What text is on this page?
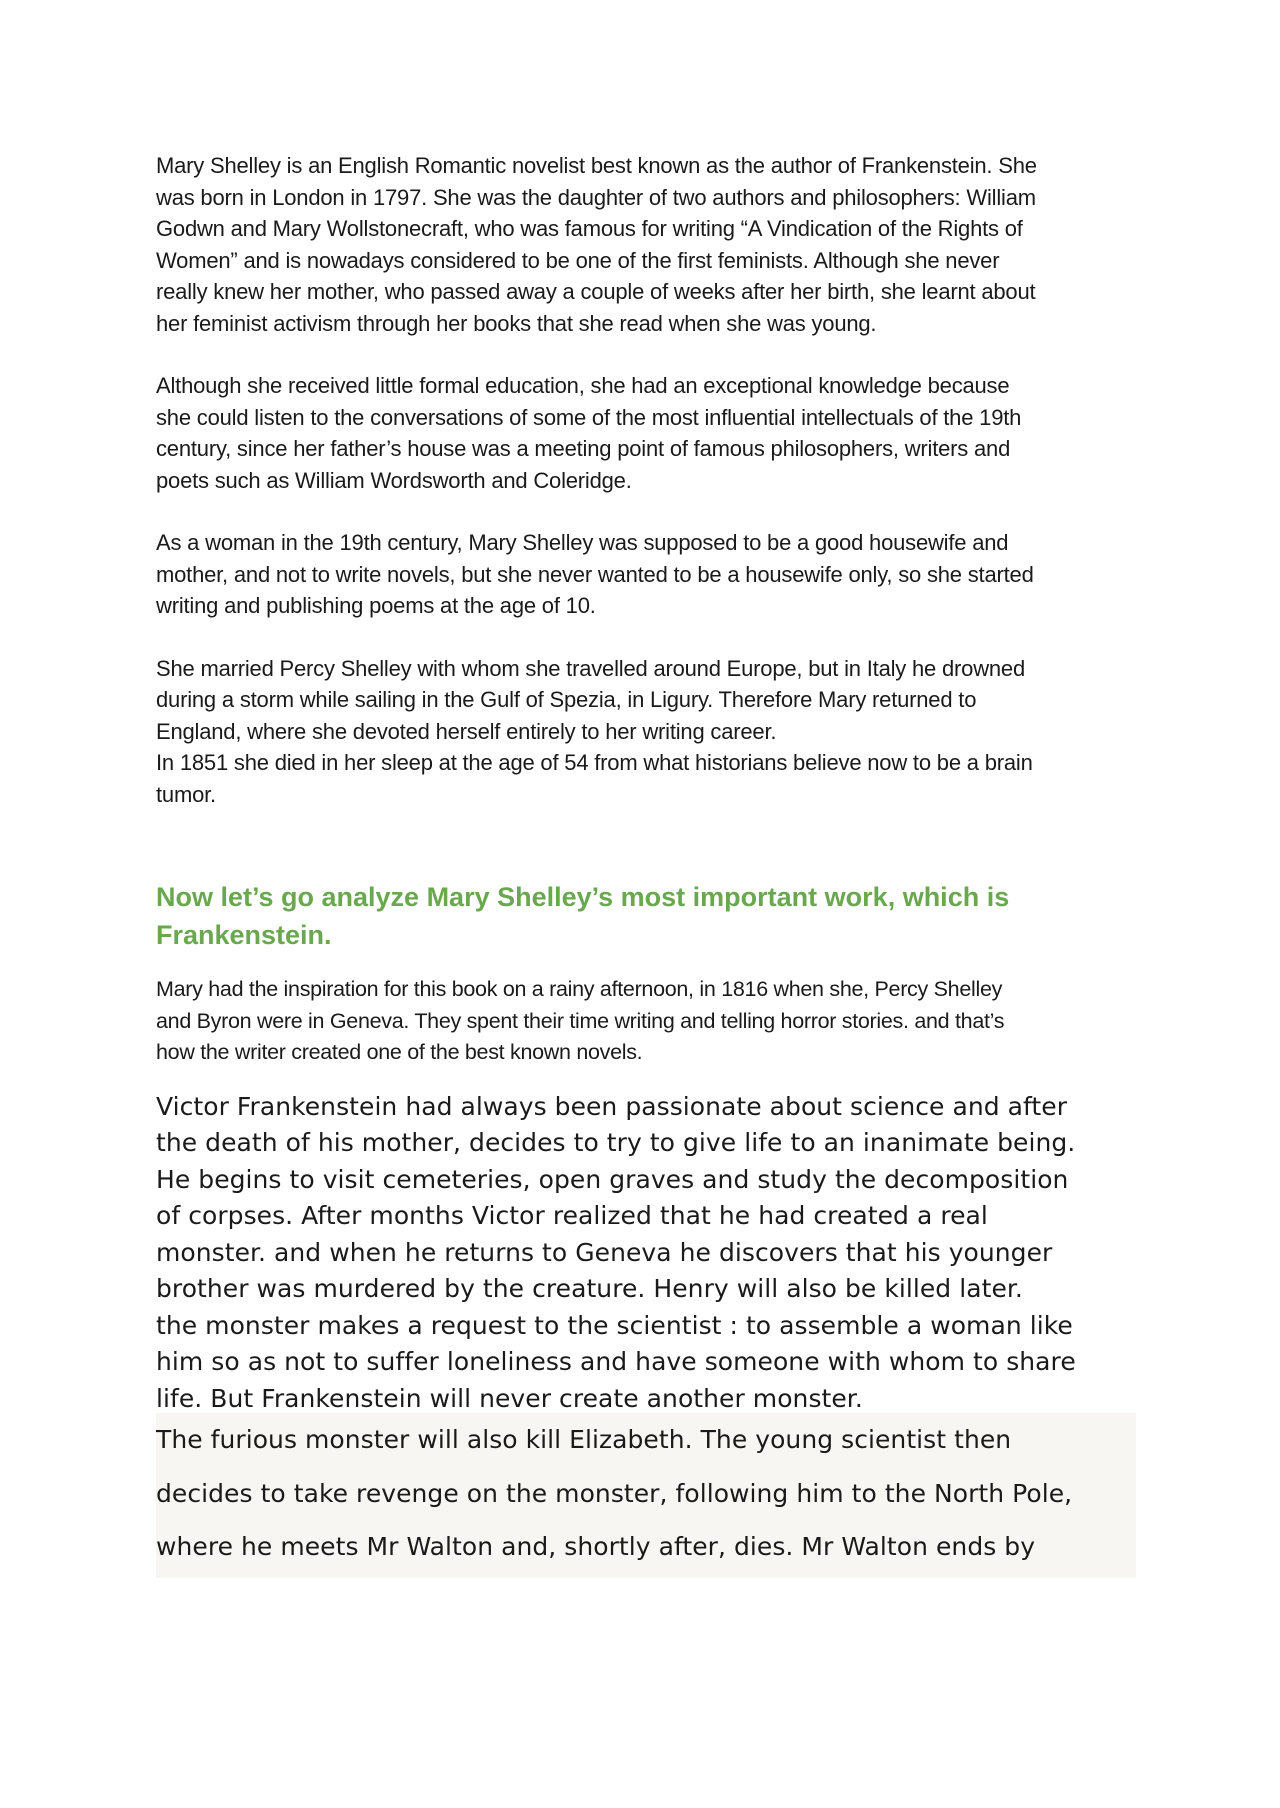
Mary Shelley is an English Romantic novelist best known as the author of Frankenstein. She
was born in London in 1797. She was the daughter of two authors and philosophers: William
Godwn and Mary Wollstonecraft, who was famous for writing “A Vindication of the Rights of
Women” and is nowadays considered to be one of the first feminists. Although she never
really knew her mother, who passed away a couple of weeks after her birth, she learnt about
her feminist activism through her books that she read when she was young.

Although she received little formal education, she had an exceptional knowledge because
she could listen to the conversations of some of the most influential intellectuals of the 19th
century, since her father’s house was a meeting point of famous philosophers, writers and
poets such as William Wordsworth and Coleridge.

As a woman in the 19th century, Mary Shelley was supposed to be a good housewife and
mother, and not to write novels, but she never wanted to be a housewife only, so she started
writing and publishing poems at the age of 10.

She married Percy Shelley with whom she travelled around Europe, but in Italy he drowned
during a storm while sailing in the Gulf of Spezia, in Ligury. Therefore Mary returned to
England, where she devoted herself entirely to her writing career.
In 1851 she died in her sleep at the age of 54 from what historians believe now to be a brain
tumor.

Now let’s go analyze Mary Shelley’s most important work, which is
Frankenstein.

Mary had the inspiration for this book on a rainy afternoon, in 1816 when she, Percy Shelley
and Byron were in Geneva. They spent their time writing and telling horror stories. and that’s
how the writer created one of the best known novels.

Victor Frankenstein had always been passionate about science and after
the death of his mother, decides to try to give life to an inanimate being.
He begins to visit cemeteries, open graves and study the decomposition
of corpses. After months Victor realized that he had created a real
monster. and when he returns to Geneva he discovers that his younger
brother was murdered by the creature. Henry will also be killed later.
the monster makes a request to the scientist : to assemble a woman like
him so as not to suffer loneliness and have someone with whom to share
life. But Frankenstein will never create another monster.

The furious monster will also kill Elizabeth. The young scientist then
decides to take revenge on the monster, following him to the North Pole,
where he meets Mr Walton and, shortly after, dies. Mr Walton ends by
